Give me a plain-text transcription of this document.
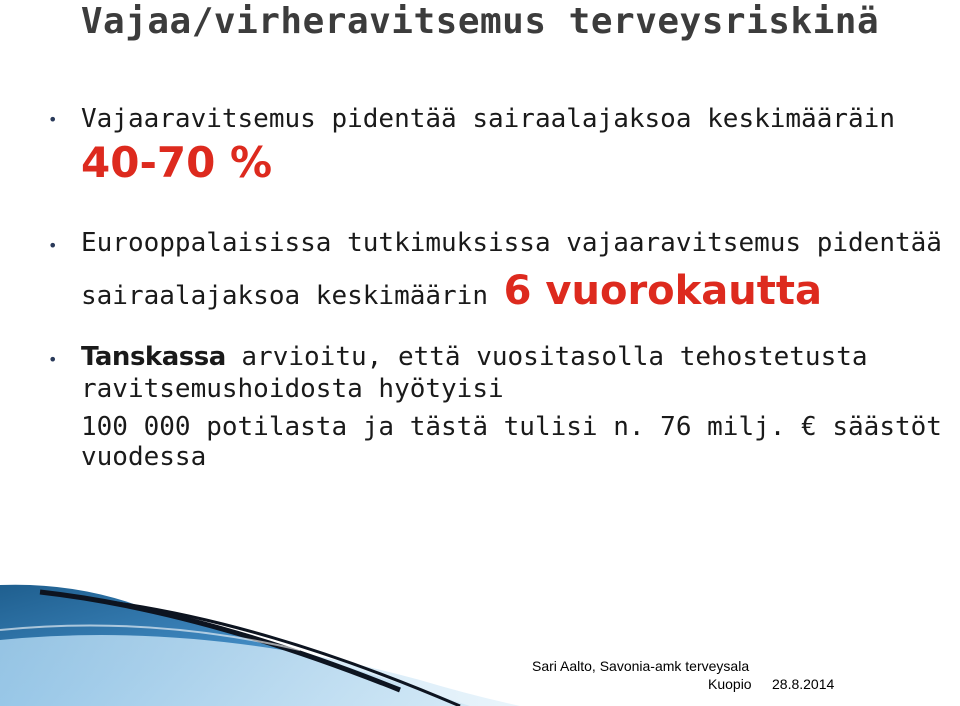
Vajaa/virheravitsemus terveysriskinä
• Vajaaravitsemus pidentää sairaalajaksoa keskimääräin
40-70 %
• Eurooppalaisissa tutkimuksissa vajaaravitsemus pidentää
sairaalajaksoa keskimäärin 6 vuorokautta
• Tanskassa arvioitu, että vuositasolla tehostetusta
ravitsemushoidosta hyötyisi
100 000 potilasta ja tästä tulisi n. 76 milj. € säästöt
vuodessa
Sari Aalto, Savonia-amk terveysala
Kuopio 28.8.2014
